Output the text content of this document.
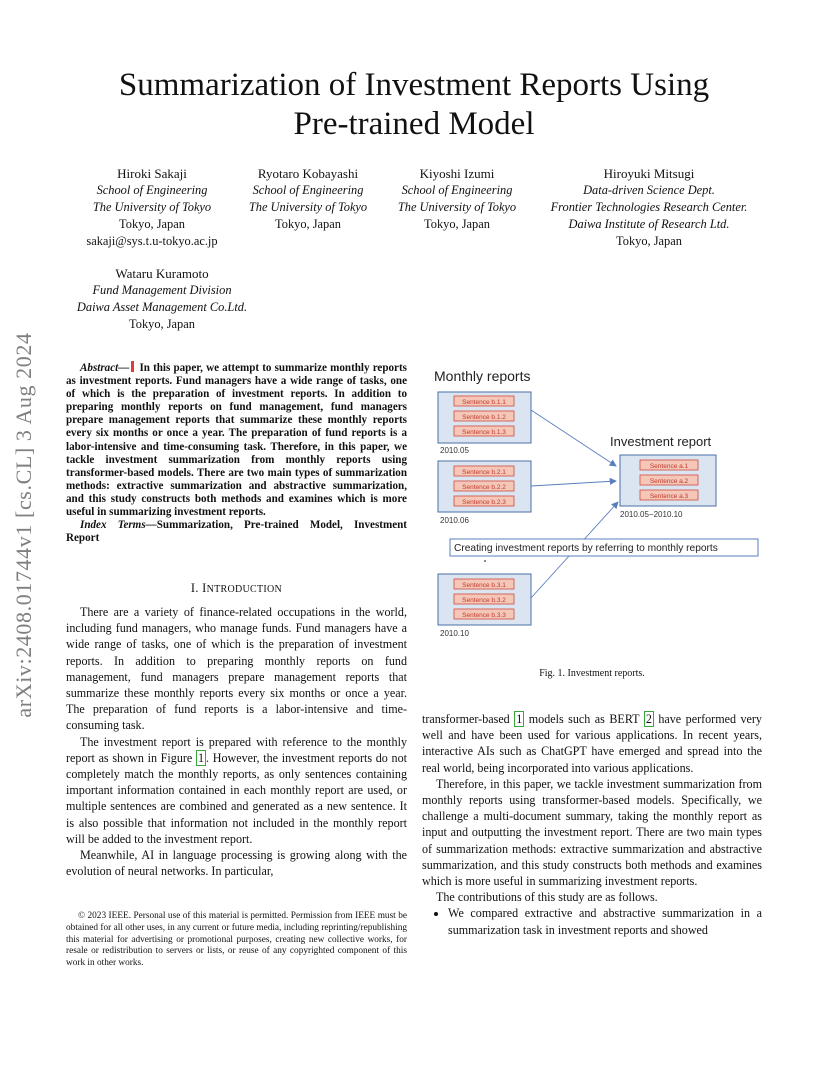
Summarization of Investment Reports Using
Pre-trained Model
Hiroki Sakaji
School of Engineering
The University of Tokyo
Tokyo, Japan
sakaji@sys.t.u-tokyo.ac.jp
Ryotaro Kobayashi
School of Engineering
The University of Tokyo
Tokyo, Japan
Kiyoshi Izumi
School of Engineering
The University of Tokyo
Tokyo, Japan
Hiroyuki Mitsugi
Data-driven Science Dept.
Frontier Technologies Research Center.
Daiwa Institute of Research Ltd.
Tokyo, Japan
Wataru Kuramoto
Fund Management Division
Daiwa Asset Management Co.Ltd.
Tokyo, Japan
arXiv:2408.01744v1 [cs.CL] 3 Aug 2024	Abstract— In this paper, we attempt to summarize monthly reports as investment reports. Fund managers have a wide range of tasks, one of which is the preparation of investment reports. In addition to preparing monthly reports on fund management, fund managers prepare management reports that summarize these monthly reports every six months or once a year. The preparation of fund reports is a labor-intensive and time-consuming task. Therefore, in this paper, we tackle investment summarization from monthly reports using transformer-based models. There are two main types of summarization methods: extractive summarization and abstractive summarization, and this study constructs both methods and examines which is more useful in summarizing investment reports.

Index Terms—Summarization, Pre-trained Model, Investment Report

I. INTRODUCTION

There are a variety of finance-related occupations in the world, including fund managers, who manage funds. Fund managers have a wide range of tasks, one of which is the preparation of investment reports. In addition to preparing monthly reports on fund management, fund managers prepare management reports that summarize these monthly reports every six months or once a year. The preparation of fund reports is a labor-intensive and time-consuming task.

The investment report is prepared with reference to the monthly report as shown in Figure 1 . However, the investment reports do not completely match the monthly reports, as only sentences containing important information contained in each monthly report are used, or multiple sentences are combined and generated as a new sentence. It is also possible that information not included in the monthly report will be added to the investment report.

Meanwhile, AI in language processing is growing along with the evolution of neural networks. In particular,

© 2023 IEEE. Personal use of this material is permitted. Permission from IEEE must be obtained for all other uses, in any current or future media, including reprinting/republishing this material for advertising or promotional purposes, creating new collective works, for resale or redistribution to servers or lists, or reuse of any copyrighted component of this work in other works.

Monthly reports
Investment report
Sentence b.1.1
Sentence b.1.2
Sentence b.1.3
2010.05
Sentence b.2.1
Sentence b.2.2
Sentence b.2.3
2010.06
Sentence b.3.1
Sentence b.3.2
Sentence b.3.3
2010.10
Sentence a.1
Sentence a.2
Sentence a.3
2010.05−2010.10
Creating investment reports by referring to monthly reports
Fig. 1. Investment reports.

transformer-based 1 models such as BERT 2 have performed very well and have been used for various applications. In recent years, interactive AIs such as ChatGPT have emerged and spread into the real world, being incorporated into various applications.

Therefore, in this paper, we tackle investment summarization from monthly reports using transformer-based models. Specifically, we challenge a multi-document summary, taking the monthly report as input and outputting the investment report. There are two main types of summarization methods: extractive summarization and abstractive summarization, and this study constructs both methods and examines which is more useful in summarizing investment reports.

The contributions of this study are as follows.

• We compared extractive and abstractive summarization in a summarization task in investment reports and showed
